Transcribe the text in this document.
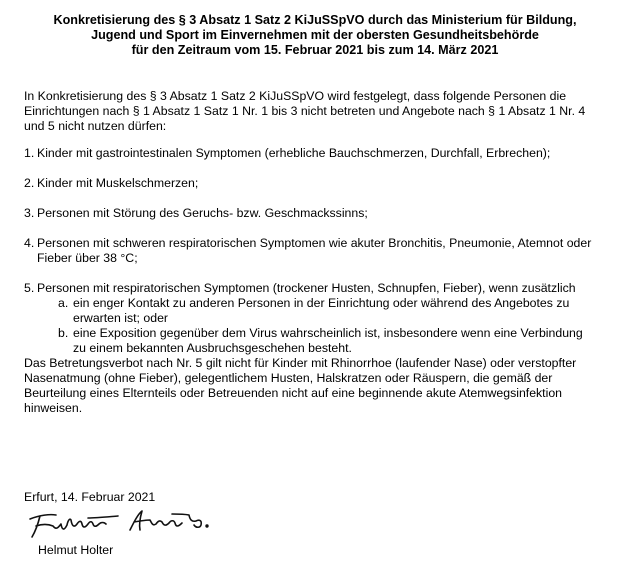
Konkretisierung des § 3 Absatz 1 Satz 2 KiJuSSpVO durch das Ministerium für Bildung,
Jugend und Sport im Einvernehmen mit der obersten Gesundheitsbehörde
für den Zeitraum vom 15. Februar 2021 bis zum 14. März 2021

In Konkretisierung des § 3 Absatz 1 Satz 2 KiJuSSpVO wird festgelegt, dass folgende Personen die Einrichtungen nach § 1 Absatz 1 Satz 1 Nr. 1 bis 3 nicht betreten und Angebote nach § 1 Absatz 1 Nr. 4 und 5 nicht nutzen dürfen:

1. Kinder mit gastrointestinalen Symptomen (erhebliche Bauchschmerzen, Durchfall, Erbrechen);
2. Kinder mit Muskelschmerzen;
3. Personen mit Störung des Geruchs- bzw. Geschmackssinns;
4. Personen mit schweren respiratorischen Symptomen wie akuter Bronchitis, Pneumonie, Atemnot oder Fieber über 38 °C;
5. Personen mit respiratorischen Symptomen (trockener Husten, Schnupfen, Fieber), wenn zusätzlich
a. ein enger Kontakt zu anderen Personen in der Einrichtung oder während des Angebotes zu erwarten ist; oder
b. eine Exposition gegenüber dem Virus wahrscheinlich ist, insbesondere wenn eine Verbindung zu einem bekannten Ausbruchsgeschehen besteht.

Das Betretungsverbot nach Nr. 5 gilt nicht für Kinder mit Rhinorrhoe (laufender Nase) oder verstopfter Nasenatmung (ohne Fieber), gelegentlichem Husten, Halskratzen oder Räuspern, die gemäß der Beurteilung eines Elternteils oder Betreuenden nicht auf eine beginnende akute Atemwegsinfektion hinweisen.

Erfurt, 14. Februar 2021
Helmut Holter
